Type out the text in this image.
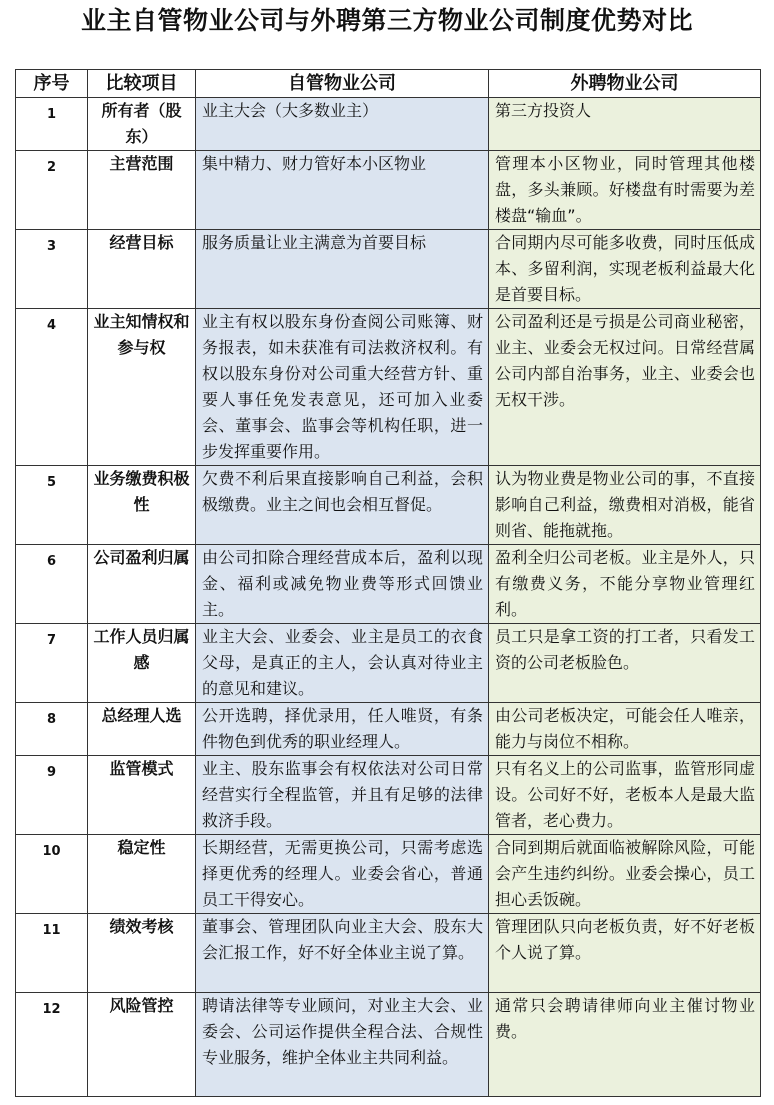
业主自管物业公司与外聘第三方物业公司制度优势对比
序号	比较项目	自管物业公司	外聘物业公司
1	所有者（股东）	业主大会（大多数业主）	第三方投资人
2	主营范围	集中精力、财力管好本小区物业	管理本小区物业，同时管理其他楼盘，多头兼顾。好楼盘有时需要为差楼盘“输血”。
3	经营目标	服务质量让业主满意为首要目标	合同期内尽可能多收费，同时压低成本、多留利润，实现老板利益最大化是首要目标。
4	业主知情权和参与权	业主有权以股东身份查阅公司账簿、财务报表，如未获准有司法救济权利。有权以股东身份对公司重大经营方针、重要人事任免发表意见，还可加入业委会、董事会、监事会等机构任职，进一步发挥重要作用。	公司盈利还是亏损是公司商业秘密，业主、业委会无权过问。日常经营属公司内部自治事务，业主、业委会也无权干涉。
5	业务缴费积极性	欠费不利后果直接影响自己利益，会积极缴费。业主之间也会相互督促。	认为物业费是物业公司的事，不直接影响自己利益，缴费相对消极，能省则省、能拖就拖。
6	公司盈利归属	由公司扣除合理经营成本后，盈利以现金、福利或减免物业费等形式回馈业主。	盈利全归公司老板。业主是外人，只有缴费义务，不能分享物业管理红利。
7	工作人员归属感	业主大会、业委会、业主是员工的衣食父母，是真正的主人，会认真对待业主的意见和建议。	员工只是拿工资的打工者，只看发工资的公司老板脸色。
8	总经理人选	公开选聘，择优录用，任人唯贤，有条件物色到优秀的职业经理人。	由公司老板决定，可能会任人唯亲，能力与岗位不相称。
9	监管模式	业主、股东监事会有权依法对公司日常经营实行全程监管，并且有足够的法律救济手段。	只有名义上的公司监事，监管形同虚设。公司好不好，老板本人是最大监管者，老心费力。
10	稳定性	长期经营，无需更换公司，只需考虑选择更优秀的经理人。业委会省心，普通员工干得安心。	合同到期后就面临被解除风险，可能会产生违约纠纷。业委会操心，员工担心丢饭碗。
11	绩效考核	董事会、管理团队向业主大会、股东大会汇报工作，好不好全体业主说了算。	管理团队只向老板负责，好不好老板个人说了算。
12	风险管控	聘请法律等专业顾问，对业主大会、业委会、公司运作提供全程合法、合规性专业服务，维护全体业主共同利益。	通常只会聘请律师向业主催讨物业费。
